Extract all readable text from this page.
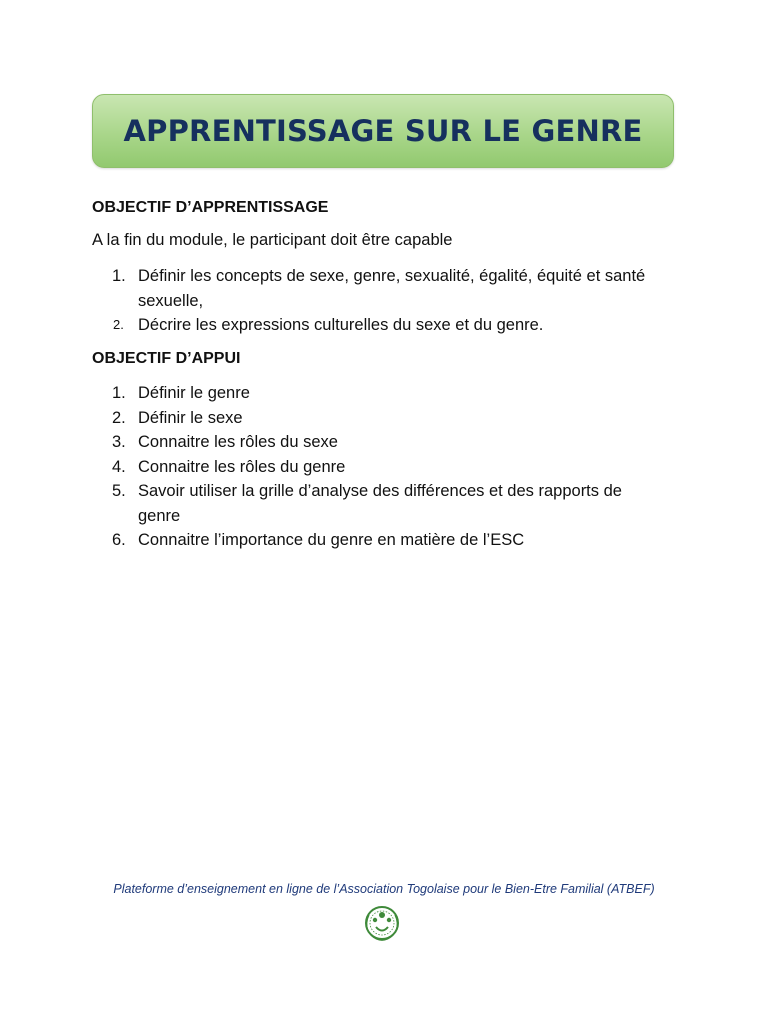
APPRENTISSAGE SUR LE GENRE
OBJECTIF D’APPRENTISSAGE
A la fin du module, le participant doit être capable
1. Définir les concepts de sexe, genre, sexualité, égalité, équité et santé sexuelle,
2. Décrire les expressions culturelles du sexe et du genre.
OBJECTIF D’APPUI
1. Définir le genre
2. Définir le sexe
3. Connaitre les rôles du sexe
4. Connaitre les rôles du genre
5. Savoir utiliser la grille d’analyse des différences et des rapports de genre
6. Connaitre l’importance du genre en matière de l’ESC
Plateforme d’enseignement en ligne de l’Association Togolaise pour le Bien-Etre Familial (ATBEF)
